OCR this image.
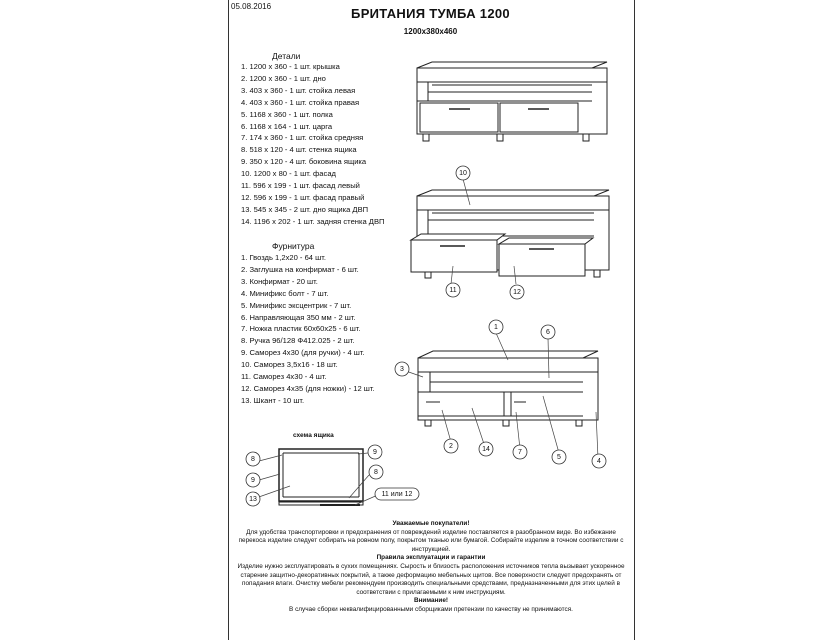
05.08.2016	БРИТАНИЯ ТУМБА 1200
1200х380х460
Детали
1. 1200 х 360 - 1 шт. крышка
2. 1200 х 360 - 1 шт. дно
3. 403 х 360 - 1 шт. стойка левая
4. 403 х 360 - 1 шт. стойка правая
5. 1168 х 360 - 1 шт. полка
6. 1168 х 164 - 1 шт. царга
7. 174 х 360 - 1 шт. стойка средняя
8. 518 х 120 - 4 шт. стенка ящика
9. 350 х 120 - 4 шт. боковина ящика
10. 1200 х 80 - 1 шт. фасад
11. 596 х 199 - 1 шт. фасад левый
12. 596 х 199 - 1 шт. фасад правый
13. 545 х 345 - 2 шт. дно ящика ДВП
14. 1196 х 202 - 1 шт. задняя стенка ДВП
Фурнитура
1. Гвоздь 1,2х20 - 64 шт.
2. Заглушка на конфирмат - 6 шт.
3. Конфирмат - 20 шт.
4. Минификс болт - 7 шт.
5. Минификс эксцентрик - 7 шт.
6. Направляющая 350 мм - 2 шт.
7. Ножка пластик 60х60х25 - 6 шт.
8. Ручка 96/128 Ф412.025 - 2 шт.
9. Саморез 4х30 (для ручки) - 4 шт.
10. Саморез 3,5х16 - 18 шт.
11. Саморез 4х30 - 4 шт.
12. Саморез 4х35 (для ножки) - 12 шт.
13. Шкант - 10 шт.
схема ящика
10
11	12
1
6
3
2	14	7
5
4
8
9
13
9
8
11 или 12
Уважаемые покупатели!
Для удобства транспортировки и предохранения от повреждений изделие поставляется в разобранном виде. Во избежание перекоса изделие следует собирать на ровном полу, покрытом тканью или бумагой. Собирайте изделие в точном соответствии с инструкцией.
Правила эксплуатации и гарантии
Изделие нужно эксплуатировать в сухих помещениях. Сырость и близость расположения источников тепла вызывает ускоренное старение защитно-декоративных покрытий, а также деформацию мебельных щитов. Все поверхности следует предохранять от попадания влаги. Очистку мебели рекомендуем производить специальными средствами, предназначенными для этих целей в соответствии с прилагаемыми к ним инструкциям.
Внимание!
В случае сборки неквалифицированными сборщиками претензии по качеству не принимаются.
